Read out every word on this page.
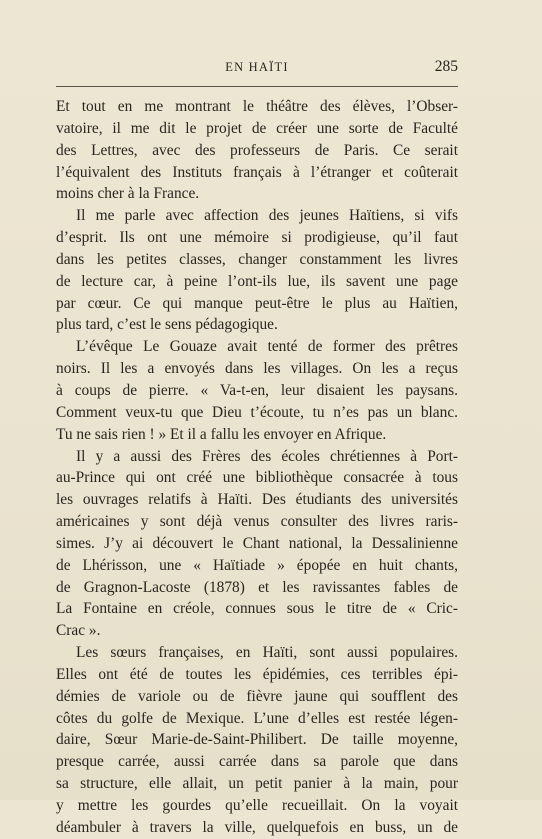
EN HAÏTI	285
Et tout en me montrant le théâtre des élèves, l’Obser-
vatoire, il me dit le projet de créer une sorte de Faculté
des Lettres, avec des professeurs de Paris. Ce serait
l’équivalent des Instituts français à l’étranger et coûterait
moins cher à la France.
Il me parle avec affection des jeunes Haïtiens, si vifs
d’esprit. Ils ont une mémoire si prodigieuse, qu’il faut
dans les petites classes, changer constamment les livres
de lecture car, à peine l’ont-ils lue, ils savent une page
par cœur. Ce qui manque peut-être le plus au Haïtien,
plus tard, c’est le sens pédagogique.
L’évêque Le Gouaze avait tenté de former des prêtres
noirs. Il les a envoyés dans les villages. On les a reçus
à coups de pierre. « Va-t-en, leur disaient les paysans.
Comment veux-tu que Dieu t’écoute, tu n’es pas un blanc.
Tu ne sais rien ! » Et il a fallu les envoyer en Afrique.
Il y a aussi des Frères des écoles chrétiennes à Port-
au-Prince qui ont créé une bibliothèque consacrée à tous
les ouvrages relatifs à Haïti. Des étudiants des universités
américaines y sont déjà venus consulter des livres raris-
simes. J’y ai découvert le Chant national, la Dessalinienne
de Lhérisson, une « Haïtiade » épopée en huit chants,
de Gragnon-Lacoste (1878) et les ravissantes fables de
La Fontaine en créole, connues sous le titre de « Cric-
Crac ».
Les sœurs françaises, en Haïti, sont aussi populaires.
Elles ont été de toutes les épidémies, ces terribles épi-
démies de variole ou de fièvre jaune qui soufflent des
côtes du golfe de Mexique. L’une d’elles est restée légen-
daire, Sœur Marie-de-Saint-Philibert. De taille moyenne,
presque carrée, aussi carrée dans sa parole que dans
sa structure, elle allait, un petit panier à la main, pour
y mettre les gourdes qu’elle recueillait. On la voyait
déambuler à travers la ville, quelquefois en buss, un de
